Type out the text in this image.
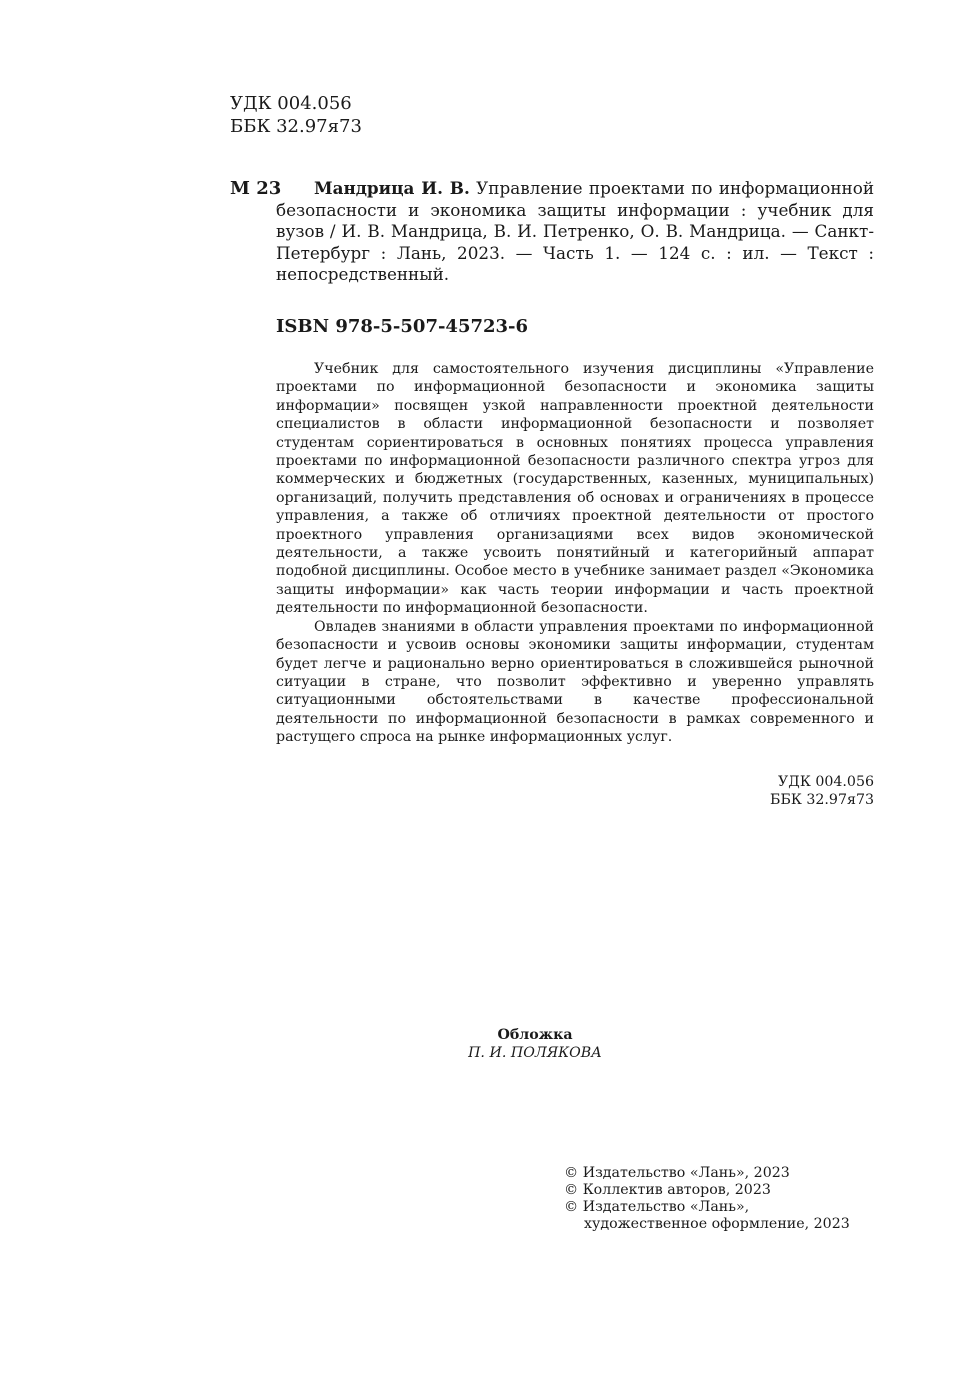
УДК 004.056
ББК 32.97я73
М 23	Мандрица И. В. Управление проектами по информационной безопасности и экономика защиты информации : учебник для вузов / И. В. Мандрица, В. И. Петренко, О. В. Мандрица. — Санкт-Петербург : Лань, 2023. — Часть 1. — 124 с. : ил. — Текст : непосредственный.
ISBN 978-5-507-45723-6

Учебник для самостоятельного изучения дисциплины «Управление проектами по информационной безопасности и экономика защиты информации» посвящен узкой направленности проектной деятельности специалистов в области информационной безопасности и позволяет студентам сориентироваться в основных понятиях процесса управления проектами по информационной безопасности различного спектра угроз для коммерческих и бюджетных (государственных, казенных, муниципальных) организаций, получить представления об основах и ограничениях в процессе управления, а также об отличиях проектной деятельности от простого проектного управления организациями всех видов экономической деятельности, а также усвоить понятийный и категорийный аппарат подобной дисциплины. Особое место в учебнике занимает раздел «Экономика защиты информации» как часть теории информации и часть проектной деятельности по информационной безопасности.

Овладев знаниями в области управления проектами по информационной безопасности и усвоив основы экономики защиты информации, студентам будет легче и рационально верно ориентироваться в сложившейся рыночной ситуации в стране, что позволит эффективно и уверенно управлять ситуационными обстоятельствами в качестве профессиональной деятельности по информационной безопасности в рамках современного и растущего спроса на рынке информационных услуг.

УДК 004.056
ББК 32.97я73
Обложка
П. И. ПОЛЯКОВА
© Издательство «Лань», 2023
© Коллектив авторов, 2023
© Издательство «Лань»,
художественное оформление, 2023
